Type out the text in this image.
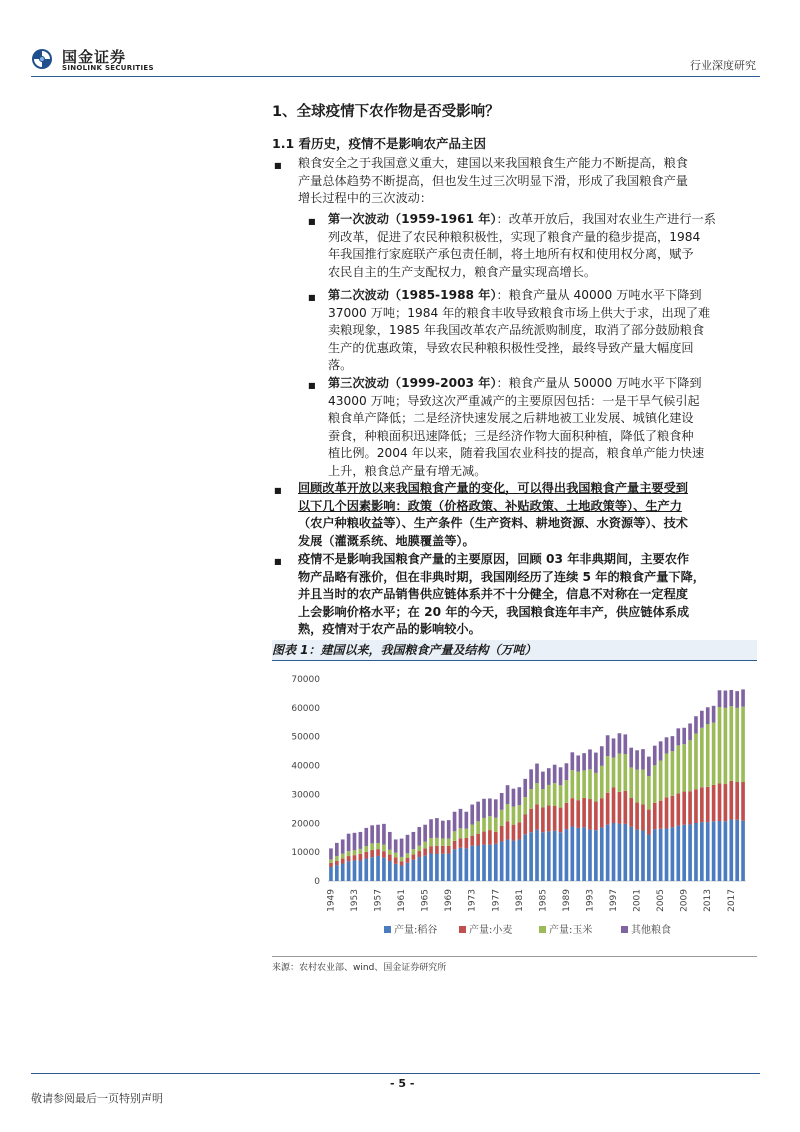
国金证券
SINOLINK SECURITIES	行业深度研究
1、全球疫情下农作物是否受影响？
1.1 看历史，疫情不是影响农产品主因
■ 粮食安全之于我国意义重大，建国以来我国粮食生产能力不断提高，粮食
产量总体趋势不断提高，但也发生过三次明显下滑，形成了我国粮食产量
增长过程中的三次波动：
■ 第一次波动（1959-1961 年）：改革开放后，我国对农业生产进行一系
列改革，促进了农民种粮积极性，实现了粮食产量的稳步提高，1984
年我国推行家庭联产承包责任制，将土地所有权和使用权分离，赋予
农民自主的生产支配权力，粮食产量实现高增长。
■ 第二次波动（1985-1988 年）：粮食产量从 40000 万吨水平下降到
37000 万吨；1984 年的粮食丰收导致粮食市场上供大于求，出现了难
卖粮现象，1985 年我国改革农产品统派购制度，取消了部分鼓励粮食
生产的优惠政策，导致农民种粮积极性受挫，最终导致产量大幅度回
落。
■ 第三次波动（1999-2003 年）：粮食产量从 50000 万吨水平下降到
43000 万吨；导致这次严重减产的主要原因包括：一是干旱气候引起
粮食单产降低；二是经济快速发展之后耕地被工业发展、城镇化建设
蚕食，种粮面积迅速降低；三是经济作物大面积种植，降低了粮食种
植比例。2004 年以来，随着我国农业科技的提高，粮食单产能力快速
上升，粮食总产量有增无减。
■ 回顾改革开放以来我国粮食产量的变化，可以得出我国粮食产量主要受到
以下几个因素影响：政策（价格政策、补贴政策、土地政策等）、生产力
（农户种粮收益等）、生产条件（生产资料、耕地资源、水资源等）、技术
发展（灌溉系统、地膜覆盖等）。
■ 疫情不是影响我国粮食产量的主要原因，回顾 03 年非典期间，主要农作
物产品略有涨价，但在非典时期，我国刚经历了连续 5 年的粮食产量下降，
并且当时的农产品销售供应链体系并不十分健全，信息不对称在一定程度
上会影响价格水平；在 20 年的今天，我国粮食连年丰产，供应链体系成
熟，疫情对于农产品的影响较小。
图表 1：建国以来，我国粮食产量及结构（万吨）
0
10000
20000
30000
40000
50000
60000
70000
1949 1953 1957 1961 1965 1969 1973 1977 1981 1985 1989 1993 1997 2001 2005 2009 2013 2017
产量:稻谷	产量:小麦	产量:玉米	其他粮食
来源：农村农业部、wind、国金证券研究所
- 5 -
敬请参阅最后一页特别声明
